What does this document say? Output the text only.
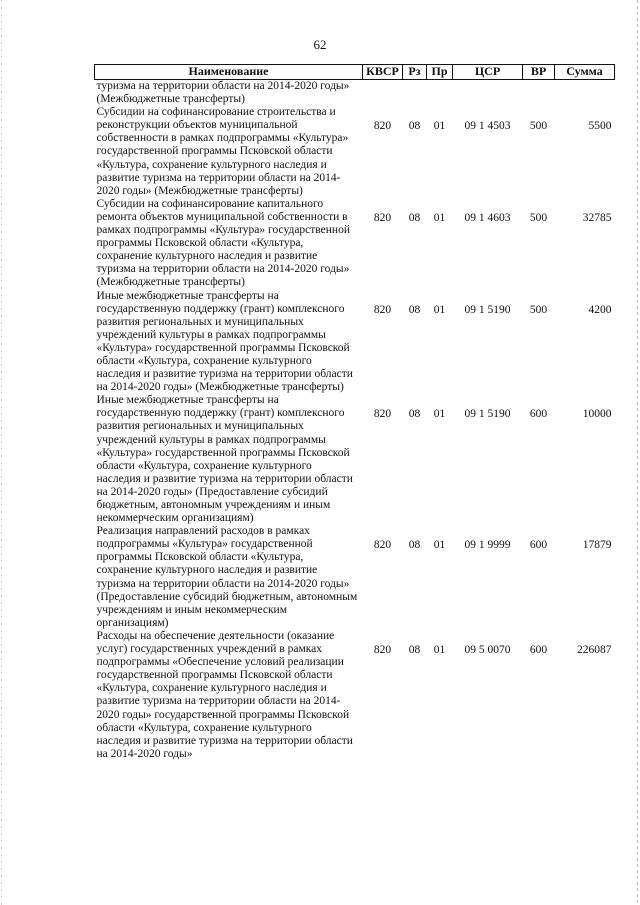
62
Наименование	КВСР	Рз	Пр	ЦСР	ВР	Сумма
туризма на территории области на 2014-2020 годы» (Межбюджетные трансферты)						
Субсидии на софинансирование строительства и реконструкции объектов муниципальной собственности в рамках подпрограммы «Культура» государственной программы Псковской области «Культура, сохранение культурного наследия и развитие туризма на территории области на 2014-2020 годы» (Межбюджетные трансферты)	820	08	01	09 1 4503	500	5500
Субсидии на софинансирование капитального ремонта объектов муниципальной собственности в рамках подпрограммы «Культура» государственной программы Псковской области «Культура, сохранение культурного наследия и развитие туризма на территории области на 2014-2020 годы» (Межбюджетные трансферты)	820	08	01	09 1 4603	500	32785
Иные межбюджетные трансферты на государственную поддержку (грант) комплексного развития региональных и муниципальных учреждений культуры в рамках подпрограммы «Культура» государственной программы Псковской области «Культура, сохранение культурного наследия и развитие туризма на территории области на 2014-2020 годы» (Межбюджетные трансферты)	820	08	01	09 1 5190	500	4200
Иные межбюджетные трансферты на государственную поддержку (грант) комплексного развития региональных и муниципальных учреждений культуры в рамках подпрограммы «Культура» государственной программы Псковской области «Культура, сохранение культурного наследия и развитие туризма на территории области на 2014-2020 годы» (Предоставление субсидий бюджетным, автономным учреждениям и иным некоммерческим организациям)	820	08	01	09 1 5190	600	10000
Реализация направлений расходов в рамках подпрограммы «Культура» государственной программы Псковской области «Культура, сохранение культурного наследия и развитие туризма на территории области на 2014-2020 годы» (Предоставление субсидий бюджетным, автономным учреждениям и иным некоммерческим организациям)	820	08	01	09 1 9999	600	17879
Расходы на обеспечение деятельности (оказание услуг) государственных учреждений в рамках подпрограммы «Обеспечение условий реализации государственной программы Псковской области «Культура, сохранение культурного наследия и развитие туризма на территории области на 2014-2020 годы» государственной программы Псковской области «Культура, сохранение культурного наследия и развитие туризма на территории области на 2014-2020 годы»	820	08	01	09 5 0070	600	226087
